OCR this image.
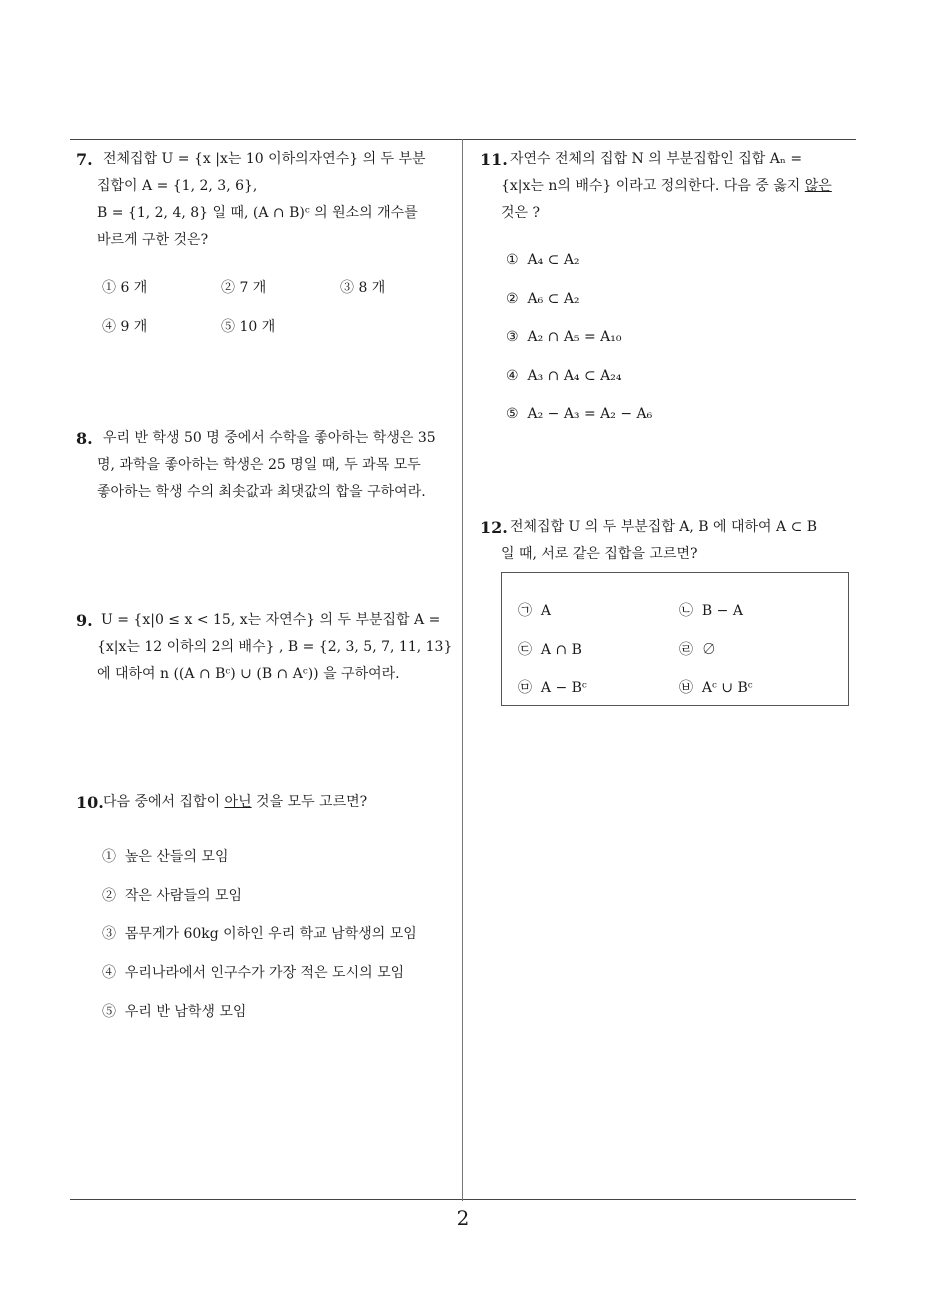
7. 전체집합 U = {x |x는 10 이하의자연수} 의 두 부분
집합이 A = {1, 2, 3, 6},
B = {1, 2, 4, 8} 일 때, (A ∩ B)ᶜ 의 원소의 개수를
바르게 구한 것은?
① 6 개	② 7 개	③ 8 개
④ 9 개	⑤ 10 개
8. 우리 반 학생 50 명 중에서 수학을 좋아하는 학생은 35
명, 과학을 좋아하는 학생은 25 명일 때, 두 과목 모두
좋아하는 학생 수의 최솟값과 최댓값의 합을 구하여라.
9. U = {x|0 ≤ x < 15, x는 자연수} 의 두 부분집합 A =
{x|x는 12 이하의 2의 배수} , B = {2, 3, 5, 7, 11, 13}
에 대하여 n ((A ∩ Bᶜ) ∪ (B ∩ Aᶜ)) 을 구하여라.
10. 다음 중에서 집합이 아닌 것을 모두 고르면?
① 높은 산들의 모임
② 작은 사람들의 모임
③ 몸무게가 60kg 이하인 우리 학교 남학생의 모임
④ 우리나라에서 인구수가 가장 적은 도시의 모임
⑤ 우리 반 남학생 모임
11. 자연수 전체의 집합 N 의 부분집합인 집합 Aₙ =
{x|x는 n의 배수} 이라고 정의한다. 다음 중 옳지 않은
것은 ?
① A₄ ⊂ A₂
② A₆ ⊂ A₂
③ A₂ ∩ A₅ = A₁₀
④ A₃ ∩ A₄ ⊂ A₂₄
⑤ A₂ − A₃ = A₂ − A₆
12. 전체집합 U 의 두 부분집합 A, B 에 대하여 A ⊂ B
일 때, 서로 같은 집합을 고르면?
㉠ A	㉡ B − A
㉢ A ∩ B	㉣ ∅
㉤ A − Bᶜ	㉥ Aᶜ ∪ Bᶜ
2
